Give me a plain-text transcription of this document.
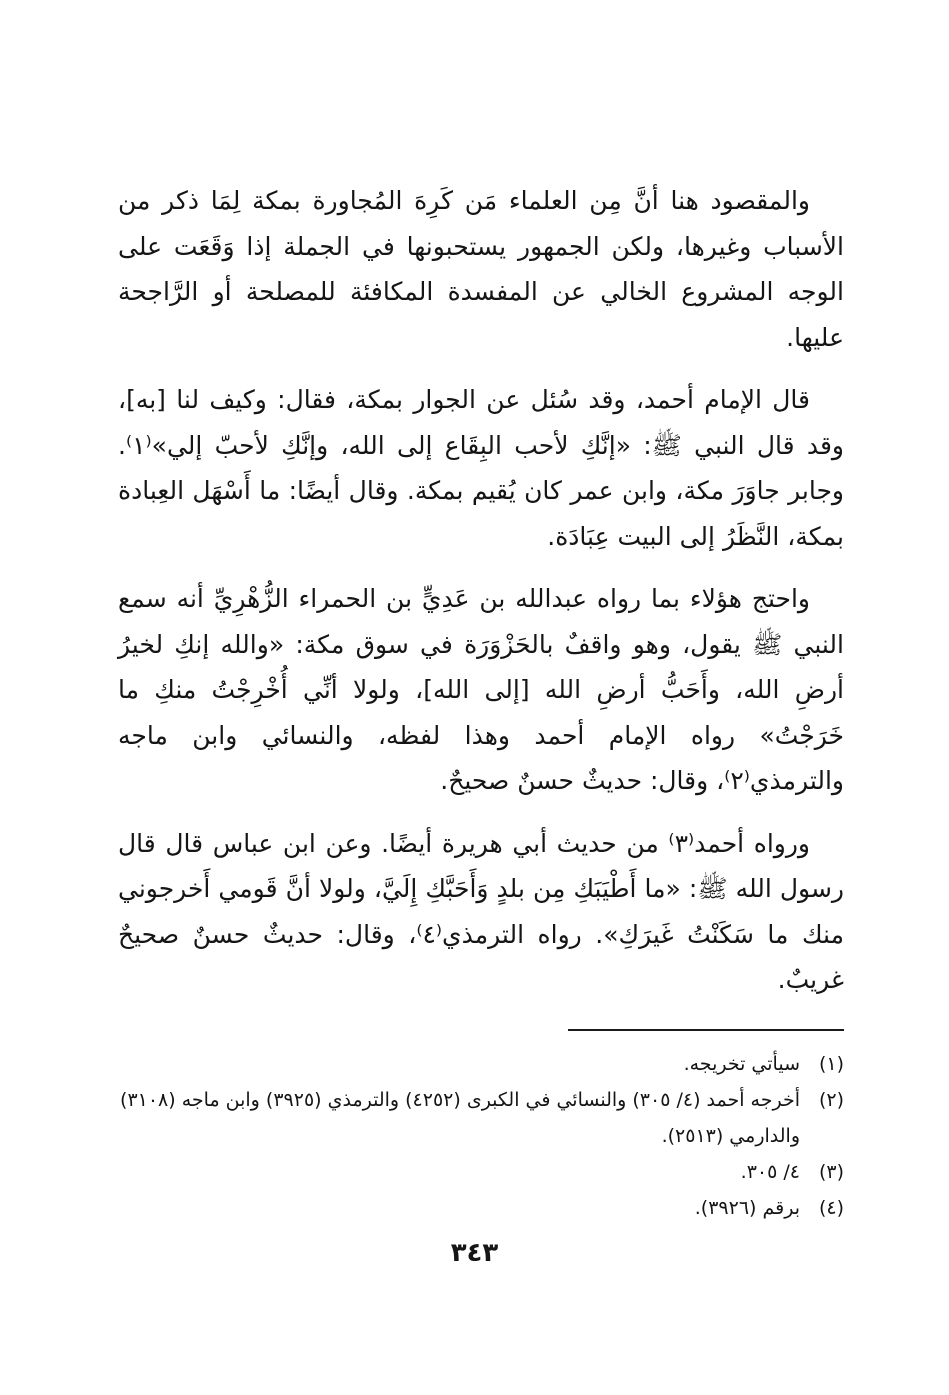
والمقصود هنا أنَّ مِن العلماء مَن كَرِهَ المُجاورة بمكة لِمَا ذكر من الأسباب وغيرها، ولكن الجمهور يستحبونها في الجملة إذا وَقَعَت على الوجه المشروع الخالي عن المفسدة المكافئة للمصلحة أو الرَّاجحة عليها.

قال الإمام أحمد، وقد سُئل عن الجوار بمكة، فقال: وكيف لنا [به]، وقد قال النبي ﷺ: «إنَّكِ لأحب البِقَاع إلى الله، وإنَّكِ لأحبّ إلي»⁽١⁾. وجابر جاوَرَ مكة، وابن عمر كان يُقيم بمكة. وقال أيضًا: ما أَسْهَل العِبادة بمكة، النَّظَرُ إلى البيت عِبَادَة.

واحتج هؤلاء بما رواه عبدالله بن عَدِيٍّ بن الحمراء الزُّهْرِيِّ أنه سمع النبي ﷺ يقول، وهو واقفٌ بالحَزْوَرَة في سوق مكة: «والله إنكِ لخيرُ أرضِ الله، وأَحَبُّ أرضِ الله [إلى الله]، ولولا أنِّي أُخْرِجْتُ منكِ ما خَرَجْتُ» رواه الإمام أحمد وهذا لفظه، والنسائي وابن ماجه والترمذي⁽٢⁾، وقال: حديثٌ حسنٌ صحيحٌ.

ورواه أحمد⁽٣⁾ من حديث أبي هريرة أيضًا. وعن ابن عباس قال قال رسول الله ﷺ: «ما أَطْيَبَكِ مِن بلدٍ وَأَحَبَّكِ إِلَيَّ، ولولا أنَّ قَومي أَخرجوني منك ما سَكَنْتُ غَيرَكِ». رواه الترمذي⁽٤⁾، وقال: حديثٌ حسنٌ صحيحٌ غريبٌ.

(١)
سيأتي تخريجه.
(٢)
أخرجه أحمد (٤/ ٣٠٥) والنسائي في الكبرى (٤٢٥٢) والترمذي (٣٩٢٥) وابن ماجه (٣١٠٨) والدارمي (٢٥١٣).
(٣)
٤/ ٣٠٥.
(٤)
برقم (٣٩٢٦).
٣٤٣
